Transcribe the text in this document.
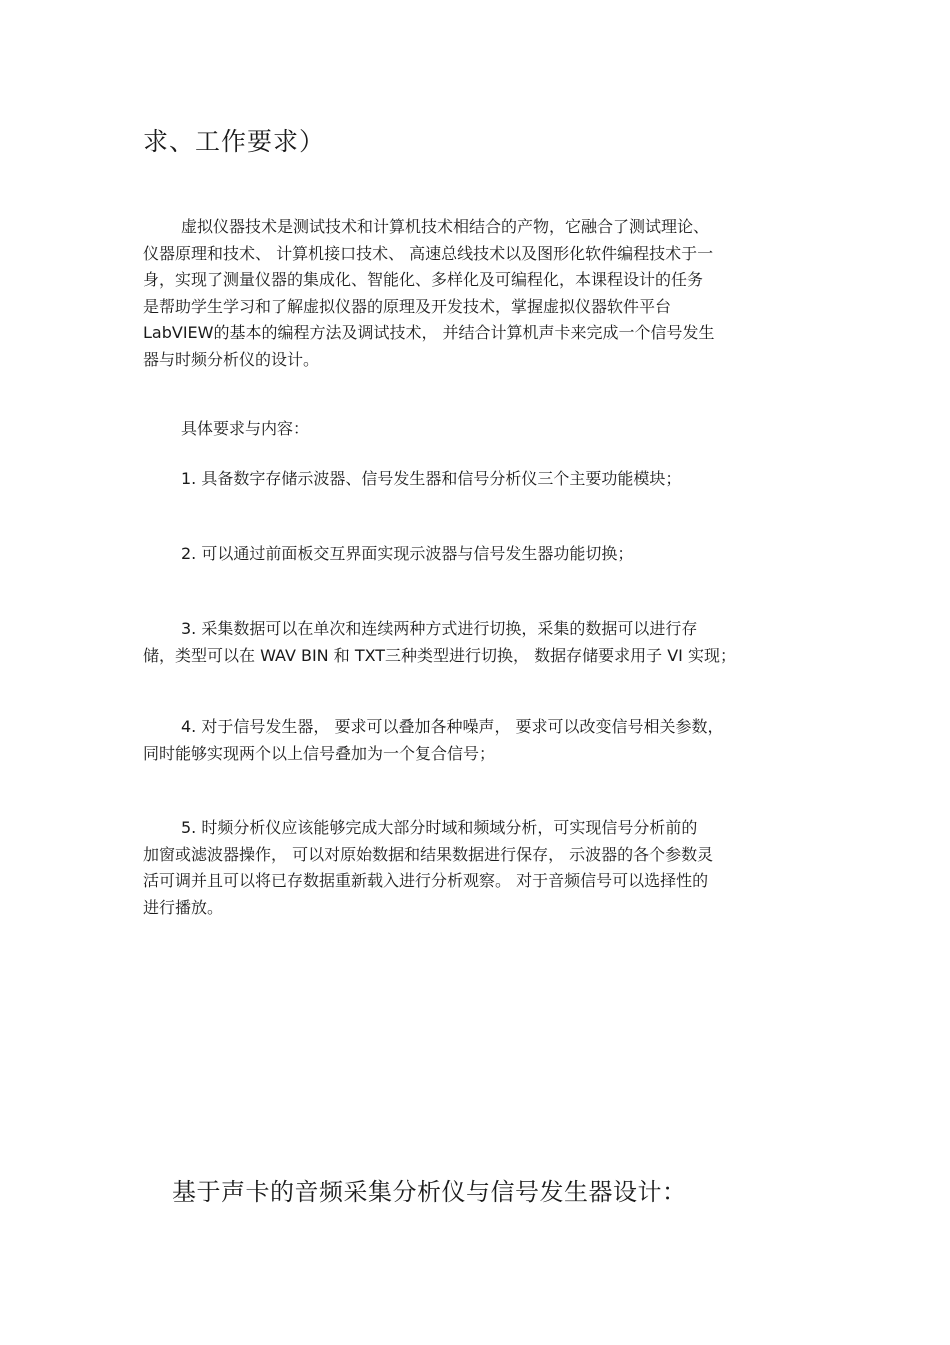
求、工作要求）
虚拟仪器技术是测试技术和计算机技术相结合的产物，它融合了测试理论、
仪器原理和技术、 计算机接口技术、 高速总线技术以及图形化软件编程技术于一
身，实现了测量仪器的集成化、智能化、多样化及可编程化，本课程设计的任务
是帮助学生学习和了解虚拟仪器的原理及开发技术，掌握虚拟仪器软件平台
LabVIEW的基本的编程方法及调试技术， 并结合计算机声卡来完成一个信号发生
器与时频分析仪的设计。
具体要求与内容：
1. 具备数字存储示波器、信号发生器和信号分析仪三个主要功能模块；
2. 可以通过前面板交互界面实现示波器与信号发生器功能切换；
3. 采集数据可以在单次和连续两种方式进行切换，采集的数据可以进行存
储，类型可以在 WAV BIN 和 TXT三种类型进行切换， 数据存储要求用子 VI 实现；
4. 对于信号发生器， 要求可以叠加各种噪声， 要求可以改变信号相关参数，
同时能够实现两个以上信号叠加为一个复合信号；
5. 时频分析仪应该能够完成大部分时域和频域分析，可实现信号分析前的
加窗或滤波器操作， 可以对原始数据和结果数据进行保存， 示波器的各个参数灵
活可调并且可以将已存数据重新载入进行分析观察。 对于音频信号可以选择性的
进行播放。
基于声卡的音频采集分析仪与信号发生器设计：
